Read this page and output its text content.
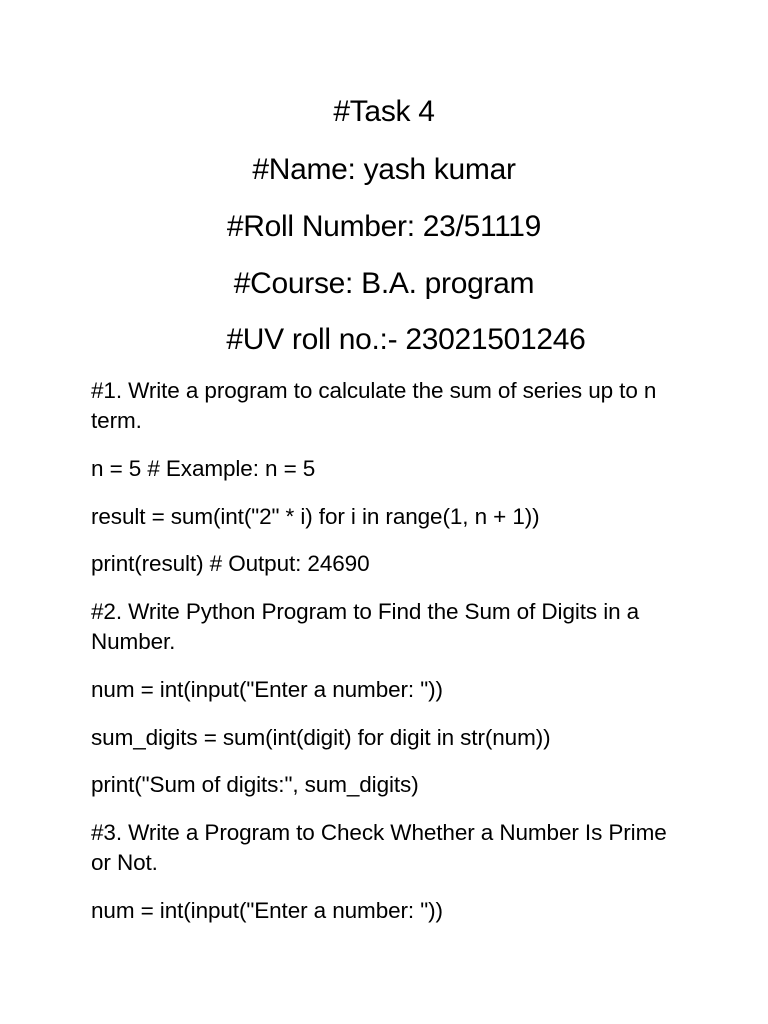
#Task 4
#Name: yash kumar
#Roll Number: 23/51119
#Course: B.A. program
#UV roll no.:- 23021501246
#1. Write a program to calculate the sum of series up to n term.
n = 5 # Example: n = 5
result = sum(int("2" * i) for i in range(1, n + 1))
print(result) # Output: 24690
#2. Write Python Program to Find the Sum of Digits in a Number.
num = int(input("Enter a number: "))
sum_digits = sum(int(digit) for digit in str(num))
print("Sum of digits:", sum_digits)
#3. Write a Program to Check Whether a Number Is Prime or Not.
num = int(input("Enter a number: "))
